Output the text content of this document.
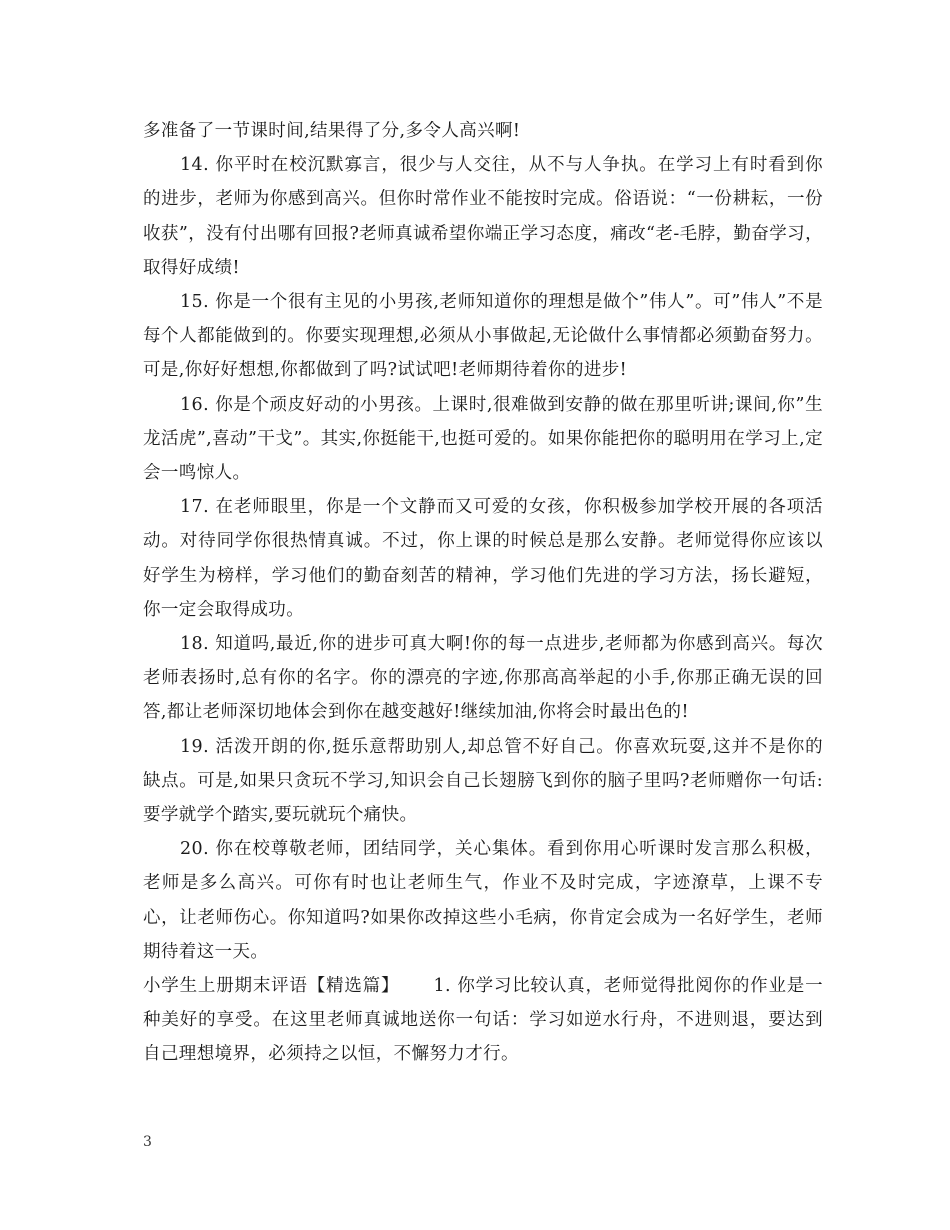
多准备了一节课时间,结果得了分,多令人高兴啊!

14. 你平时在校沉默寡言，很少与人交往，从不与人争执。在学习上有时看到你的进步，老师为你感到高兴。但你时常作业不能按时完成。俗语说：“一份耕耘，一份收获”，没有付出哪有回报?老师真诚希望你端正学习态度，痛改“老-毛脖，勤奋学习，取得好成绩!

15. 你是一个很有主见的小男孩,老师知道你的理想是做个”伟人”。可”伟人”不是每个人都能做到的。你要实现理想,必须从小事做起,无论做什么事情都必须勤奋努力。可是,你好好想想,你都做到了吗?试试吧!老师期待着你的进步!

16. 你是个顽皮好动的小男孩。上课时,很难做到安静的做在那里听讲;课间,你”生龙活虎”,喜动”干戈”。其实,你挺能干,也挺可爱的。如果你能把你的聪明用在学习上,定会一鸣惊人。

17. 在老师眼里，你是一个文静而又可爱的女孩，你积极参加学校开展的各项活动。对待同学你很热情真诚。不过，你上课的时候总是那么安静。老师觉得你应该以好学生为榜样，学习他们的勤奋刻苦的精神，学习他们先进的学习方法，扬长避短，你一定会取得成功。

18. 知道吗,最近,你的进步可真大啊!你的每一点进步,老师都为你感到高兴。每次老师表扬时,总有你的名字。你的漂亮的字迹,你那高高举起的小手,你那正确无误的回答,都让老师深切地体会到你在越变越好!继续加油,你将会时最出色的!

19. 活泼开朗的你,挺乐意帮助别人,却总管不好自己。你喜欢玩耍,这并不是你的缺点。可是,如果只贪玩不学习,知识会自己长翅膀飞到你的脑子里吗?老师赠你一句话:要学就学个踏实,要玩就玩个痛快。

20. 你在校尊敬老师，团结同学，关心集体。看到你用心听课时发言那么积极，老师是多么高兴。可你有时也让老师生气，作业不及时完成，字迹潦草，上课不专心，让老师伤心。你知道吗?如果你改掉这些小毛病，你肯定会成为一名好学生，老师期待着这一天。

小学生上册期末评语【精选篇】　　 1. 你学习比较认真，老师觉得批阅你的作业是一种美好的享受。在这里老师真诚地送你一句话：学习如逆水行舟，不进则退，要达到自己理想境界，必须持之以恒，不懈努力才行。

3
